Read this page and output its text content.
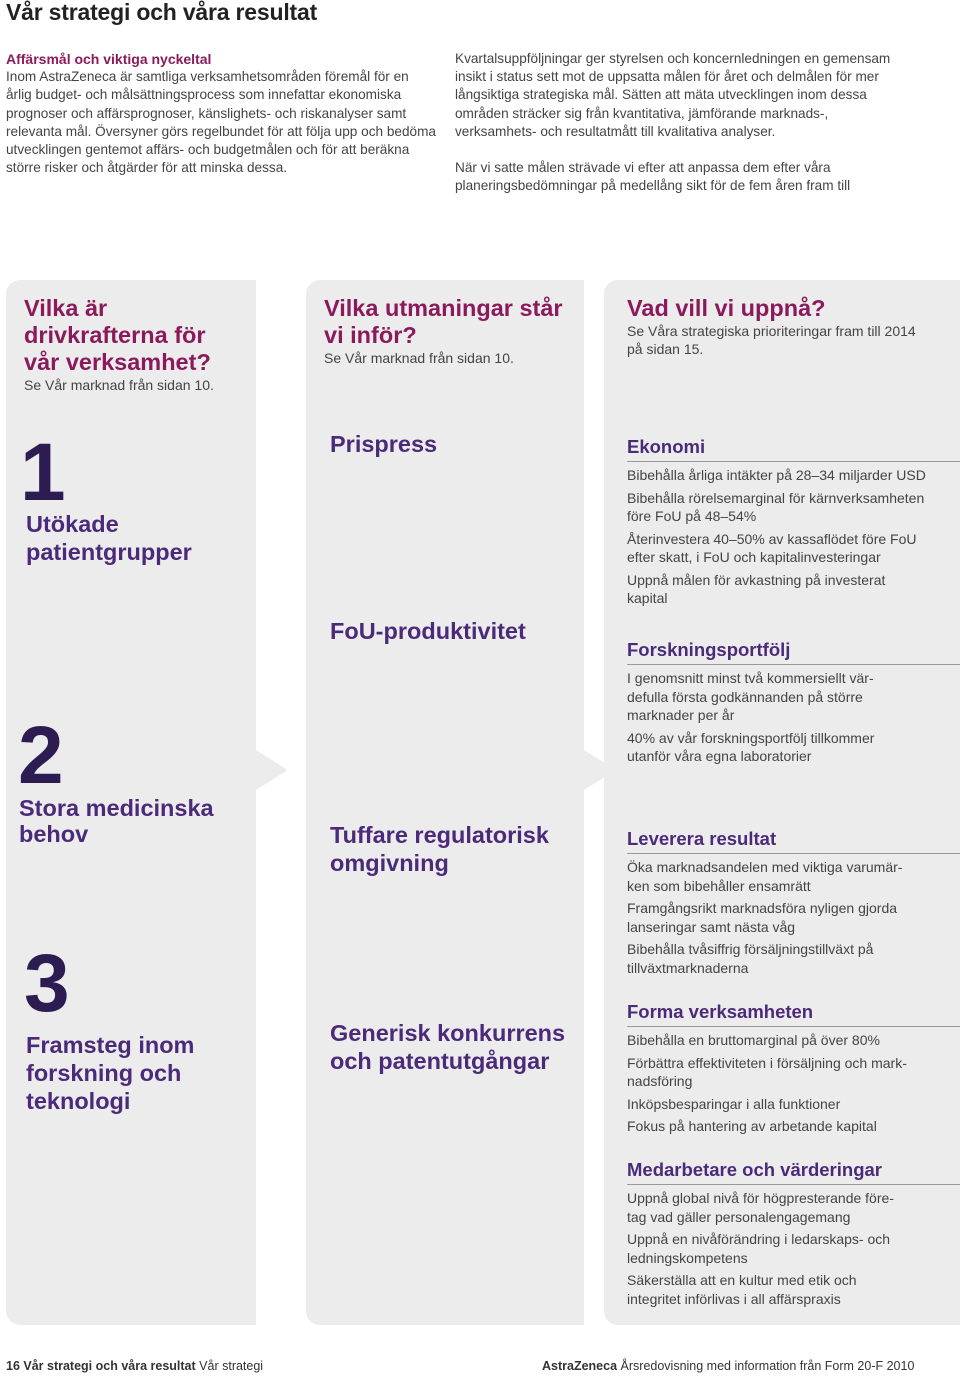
Vår strategi och våra resultat
Affärsmål och viktiga nyckeltal
Inom AstraZeneca är samtliga verksamhetsområden föremål för en årlig budget- och målsättningsprocess som innefattar ekonomiska prognoser och affärsprognoser, känslighets- och riskanalyser samt relevanta mål. Översyner görs regelbundet för att följa upp och bedöma utvecklingen gentemot affärs- och budgetmålen och för att beräkna större risker och åtgärder för att minska dessa.

Kvartalsuppföljningar ger styrelsen och koncernledningen en gemensam insikt i status sett mot de uppsatta målen för året och delmålen för mer långsiktiga strategiska mål. Sätten att mäta utvecklingen inom dessa områden sträcker sig från kvantitativa, jämförande marknads-, verksamhets- och resultatmått till kvalitativa analyser.

När vi satte målen strävade vi efter att anpassa dem efter våra planeringsbedömningar på medellång sikt för de fem åren fram till

Vilka är drivkrafterna för vår verksamhet?
Se Vår marknad från sidan 10.
Vilka utmaningar står vi inför?
Se Vår marknad från sidan 10.
Vad vill vi uppnå?
Se Våra strategiska prioriteringar fram till 2014 på sidan 15.
1
Utökade patientgrupper
2
Stora medicinska behov
3
Framsteg inom forskning och teknologi
Prispress
FoU-produktivitet
Tuffare regulatorisk omgivning
Generisk konkurrens och patentutgångar
Ekonomi
Bibehålla årliga intäkter på 28–34 miljarder USD
Bibehålla rörelsemarginal för kärnverksamheten före FoU på 48–54%
Återinvestera 40–50% av kassaflödet före FoU efter skatt, i FoU och kapitalinvesteringar
Uppnå målen för avkastning på investerat kapital
Forskningsportfölj
I genomsnitt minst två kommersiellt vär-defulla första godkännanden på större marknader per år
40% av vår forskningsportfölj tillkommer utanför våra egna laboratorier
Leverera resultat
Öka marknadsandelen med viktiga varumär-ken som bibehåller ensamrätt
Framgångsrikt marknadsföra nyligen gjorda lanseringar samt nästa våg
Bibehålla tvåsiffrig försäljningstillväxt på tillväxtmarknaderna
Forma verksamheten
Bibehålla en bruttomarginal på över 80%
Förbättra effektiviteten i försäljning och mark-nadsföring
Inköpsbesparingar i alla funktioner
Fokus på hantering av arbetande kapital
Medarbetare och värderingar
Uppnå global nivå för högpresterande före-tag vad gäller personalengagemang
Uppnå en nivåförändring i ledarskaps- och ledningskompetens
Säkerställa att en kultur med etik och integritet införlivas i all affärspraxis
16 Vår strategi och våra resultat Vår strategi	AstraZeneca Årsredovisning med information från Form 20-F 2010
